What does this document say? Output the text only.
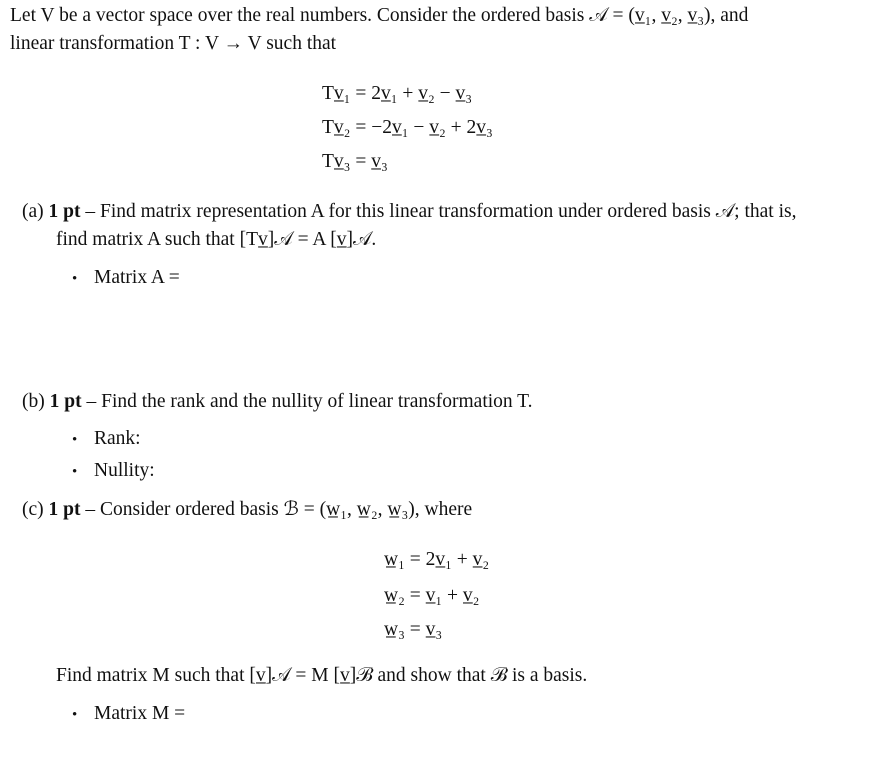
Let V be a vector space over the real numbers. Consider the ordered basis 𝒜 = (v̲₁, v̲₂, v̲₃), and
linear transformation T : V → V such that
Tv̲₁ = 2v̲₁ + v̲₂ − v̲₃
Tv̲₂ = −2v̲₁ − v̲₂ + 2v̲₃
Tv̲₃ = v̲₃
(a) 1 pt – Find matrix representation A for this linear transformation under ordered basis 𝒜; that is,
find matrix A such that [Tv̲]𝒜 = A [v̲]𝒜.
• Matrix A =
(b) 1 pt – Find the rank and the nullity of linear transformation T.
• Rank:
• Nullity:
(c) 1 pt – Consider ordered basis ℬ = (w̲₁, w̲₂, w̲₃), where
w̲₁ = 2v̲₁ + v̲₂
w̲₂ = v̲₁ + v̲₂
w̲₃ = v̲₃
Find matrix M such that [v̲]𝒜 = M [v̲]ℬ and show that ℬ is a basis.
• Matrix M =
